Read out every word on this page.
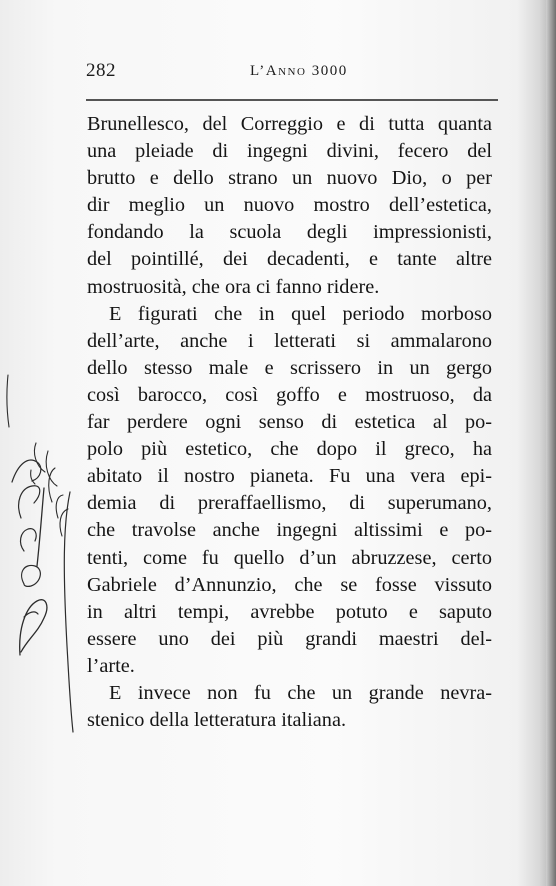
282	L’Anno 3000
Brunellesco, del Correggio e di tutta quanta
una pleiade di ingegni divini, fecero del
brutto e dello strano un nuovo Dio, o per
dir meglio un nuovo mostro dell’estetica,
fondando la scuola degli impressionisti,
del pointillé, dei decadenti, e tante altre
mostruosità, che ora ci fanno ridere.
E figurati che in quel periodo morboso
dell’arte, anche i letterati si ammalarono
dello stesso male e scrissero in un gergo
così barocco, così goffo e mostruoso, da
far perdere ogni senso di estetica al po-
polo più estetico, che dopo il greco, ha
abitato il nostro pianeta. Fu una vera epi-
demia di preraffaellismo, di superumano,
che travolse anche ingegni altissimi e po-
tenti, come fu quello d’un abruzzese, certo
Gabriele d’Annunzio, che se fosse vissuto
in altri tempi, avrebbe potuto e saputo
essere uno dei più grandi maestri del-
l’arte.
E invece non fu che un grande nevra-
stenico della letteratura italiana.
